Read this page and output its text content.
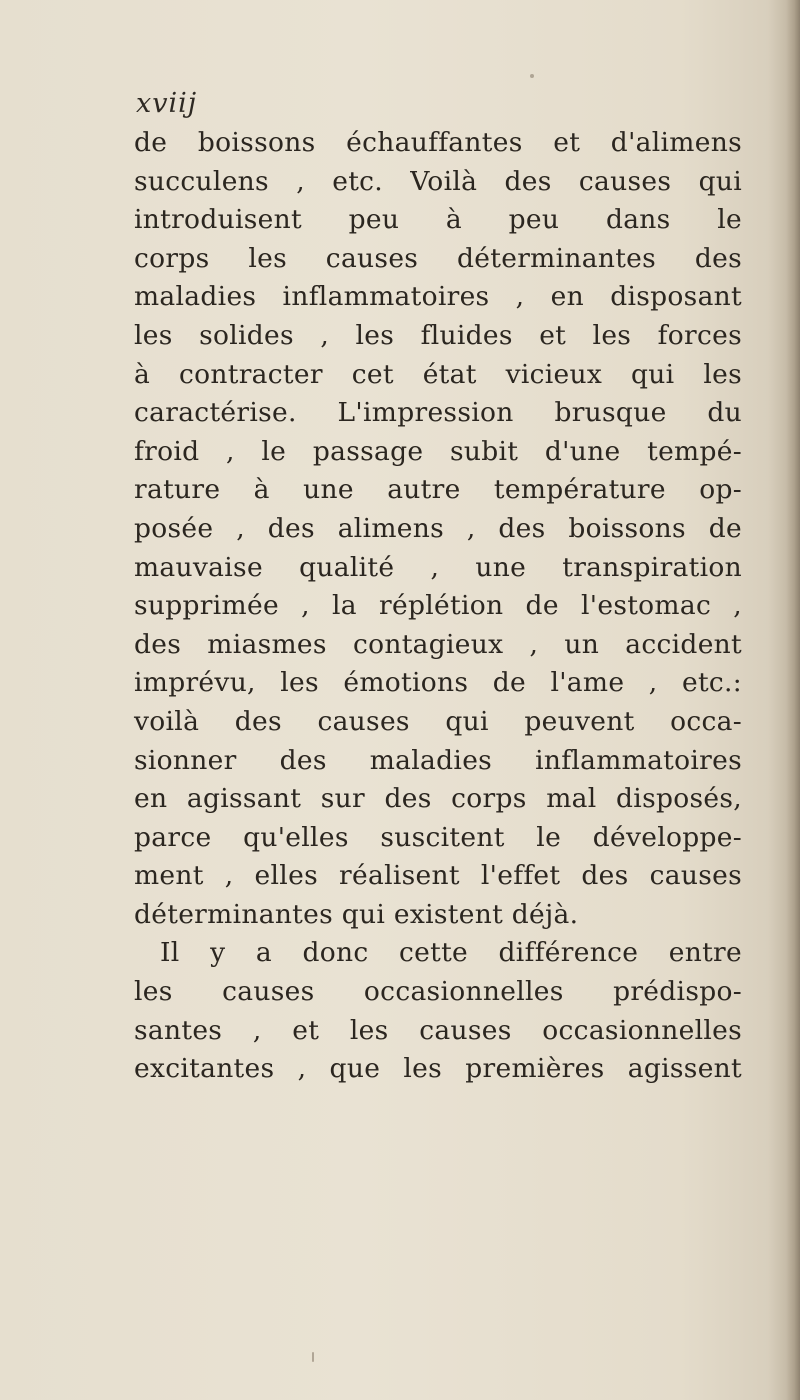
xviij
de boissons échauffantes et d'alimens
succulens , etc. Voilà des causes qui
introduisent peu à peu dans le
corps les causes déterminantes des
maladies inflammatoires , en disposant
les solides , les fluides et les forces
à contracter cet état vicieux qui les
caractérise. L'impression brusque du
froid , le passage subit d'une tempé-
rature à une autre température op-
posée , des alimens , des boissons de
mauvaise qualité , une transpiration
supprimée , la réplétion de l'estomac ,
des miasmes contagieux , un accident
imprévu, les émotions de l'ame , etc.:
voilà des causes qui peuvent occa-
sionner des maladies inflammatoires
en agissant sur des corps mal disposés,
parce qu'elles suscitent le développe-
ment , elles réalisent l'effet des causes
déterminantes qui existent déjà.
Il y a donc cette différence entre
les causes occasionnelles prédispo-
santes , et les causes occasionnelles
excitantes , que les premières agissent
